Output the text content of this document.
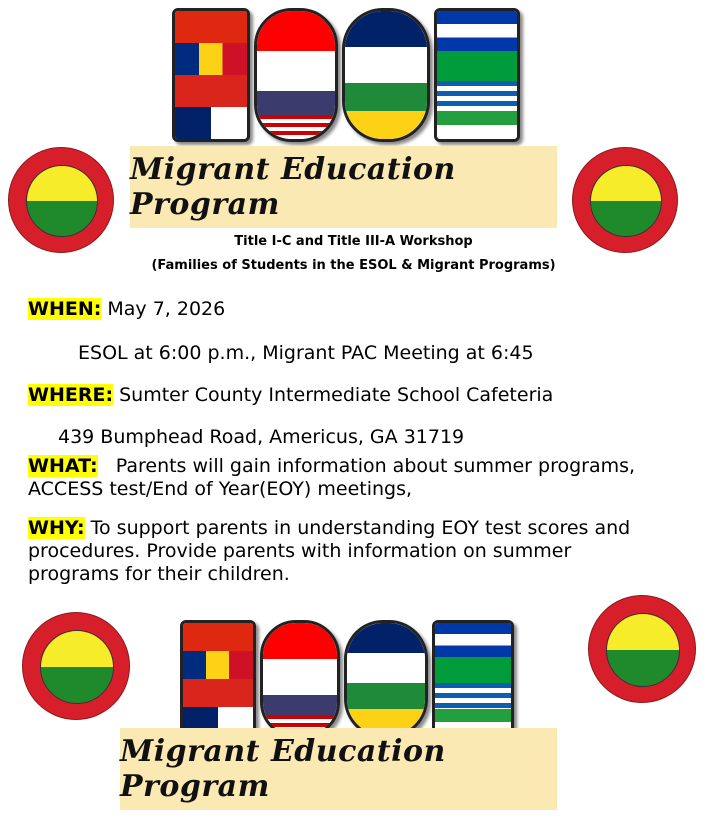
Migrant Education Program
Title I-C and Title III-A Workshop
(Families of Students in the ESOL & Migrant Programs)
WHEN: May 7, 2026
ESOL at 6:00 p.m., Migrant PAC Meeting at 6:45
WHERE: Sumter County Intermediate School Cafeteria
439 Bumphead Road, Americus, GA 31719
WHAT: Parents will gain information about summer programs, ACCESS test/End of Year(EOY) meetings,
WHY: To support parents in understanding EOY test scores and procedures. Provide parents with information on summer programs for their children.
Migrant Education Program
